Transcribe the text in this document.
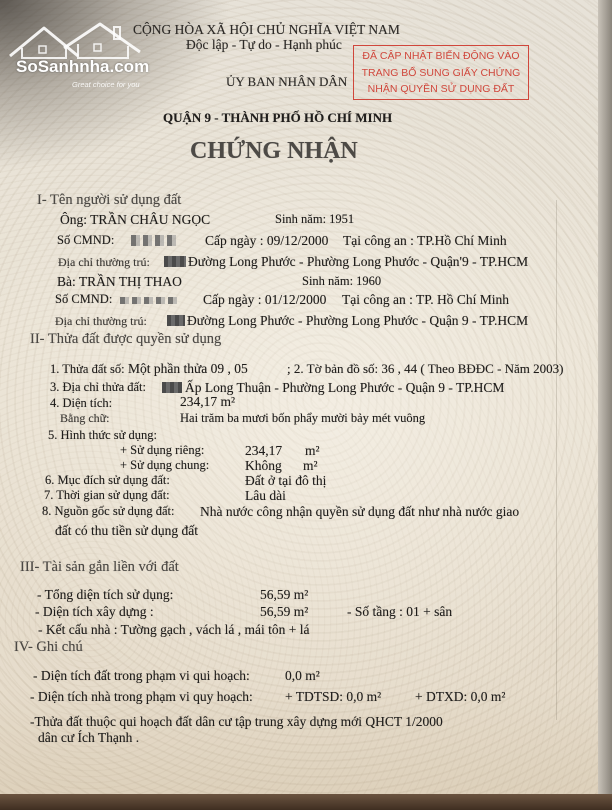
SoSanhnha.com
Great choice for you
CỘNG HÒA XÃ HỘI CHỦ NGHĨA VIỆT NAM
Độc lập - Tự do - Hạnh phúc
ỦY BAN NHÂN DÂN
QUẬN 9 - THÀNH PHỐ HỒ CHÍ MINH
CHỨNG NHẬN
ĐÃ CẬP NHẬT BIẾN ĐỘNG VÀO
TRANG BỔ SUNG GIẤY CHỨNG
NHẬN QUYỀN SỬ DỤNG ĐẤT
I- Tên người sử dụng đất
Ông: TRẦN CHÂU NGỌC	Sinh năm: 1951
Số CMND:	Cấp ngày : 09/12/2000 Tại công an : TP.Hồ Chí Minh
Địa chỉ thường trú:	Đường Long Phước - Phường Long Phước - Quận'9 - TP.HCM
Bà: TRẦN THỊ THAO	Sinh năm: 1960
Số CMND:	Cấp ngày : 01/12/2000 Tại công an : TP. Hồ Chí Minh
Địa chỉ thường trú:	Đường Long Phước - Phường Long Phước - Quận 9 - TP.HCM
II- Thửa đất được quyền sử dụng
1. Thửa đất số: Một phần thửa 09 , 05	; 2. Tờ bản đồ số: 36 , 44 ( Theo BĐĐC - Năm 2003)
3. Địa chỉ thửa đất:	Ấp Long Thuận - Phường Long Phước - Quận 9 - TP.HCM
4. Diện tích:	234,17 m²
Bằng chữ:	Hai trăm ba mươi bốn phẩy mười bảy mét vuông
5. Hình thức sử dụng:
+ Sử dụng riêng:	234,17 m²
+ Sử dụng chung:	Không m²
6. Mục đích sử dụng đất:	Đất ở tại đô thị
7. Thời gian sử dụng đất:	Lâu dài
8. Nguồn gốc sử dụng đất: Nhà nước công nhận quyền sử dụng đất như nhà nước giao
đất có thu tiền sử dụng đất
III- Tài sản gắn liền với đất
- Tổng diện tích sử dụng:	56,59 m²
- Diện tích xây dựng :	56,59 m²	- Số tầng : 01 + sân
- Kết cấu nhà : Tường gạch , vách lá , mái tôn + lá
IV- Ghi chú
- Diện tích đất trong phạm vi qui hoạch:	0,0 m²
- Diện tích nhà trong phạm vi quy hoạch: + TDTSD: 0,0 m²	+ DTXD: 0,0 m²
-Thửa đất thuộc qui hoạch đất dân cư tập trung xây dựng mới QHCT 1/2000
dân cư Ích Thạnh .
